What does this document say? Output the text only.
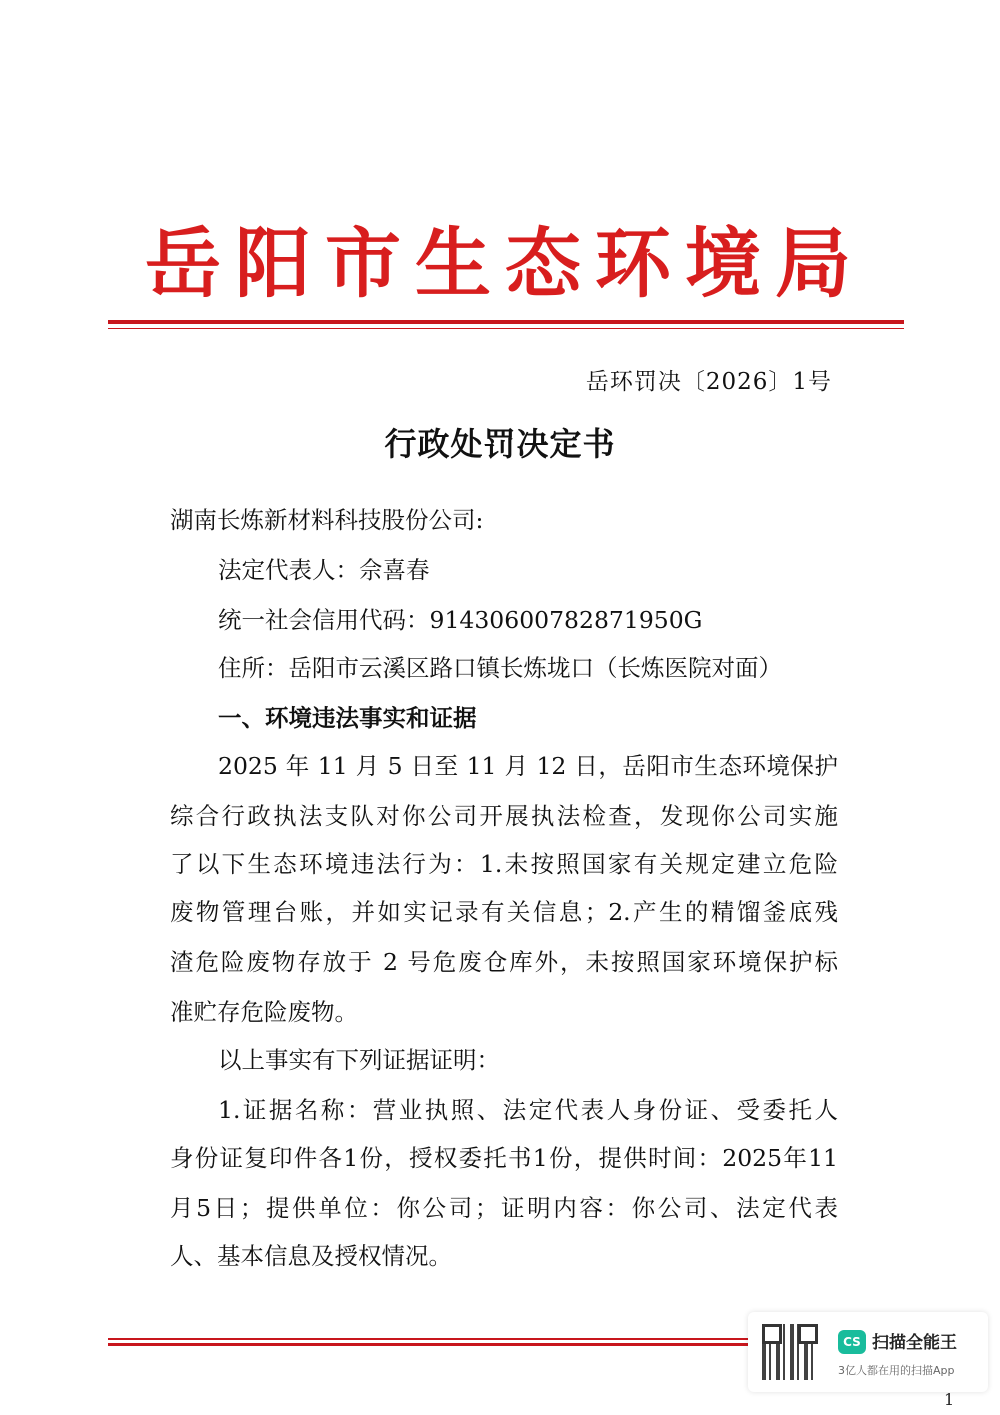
岳阳市生态环境局
岳环罚决〔2026〕1号
行政处罚决定书
湖南长炼新材料科技股份公司:
法定代表人：佘喜春
统一社会信用代码：91430600782871950G
住所：岳阳市云溪区路口镇长炼垅口（长炼医院对面）
一、环境违法事实和证据
2025 年 11 月 5 日至 11 月 12 日，岳阳市生态环境保护
综合行政执法支队对你公司开展执法检查，发现你公司实施
了以下生态环境违法行为：1.未按照国家有关规定建立危险
废物管理台账，并如实记录有关信息；2.产生的精馏釜底残
渣危险废物存放于 2 号危废仓库外，未按照国家环境保护标
准贮存危险废物。
以上事实有下列证据证明：
1.证据名称：营业执照、法定代表人身份证、受委托人
身份证复印件各1份，授权委托书1份，提供时间：2025年11
月5日；提供单位：你公司；证明内容：你公司、法定代表
人、基本信息及授权情况。
CS 扫描全能王
3亿人都在用的扫描App
1
